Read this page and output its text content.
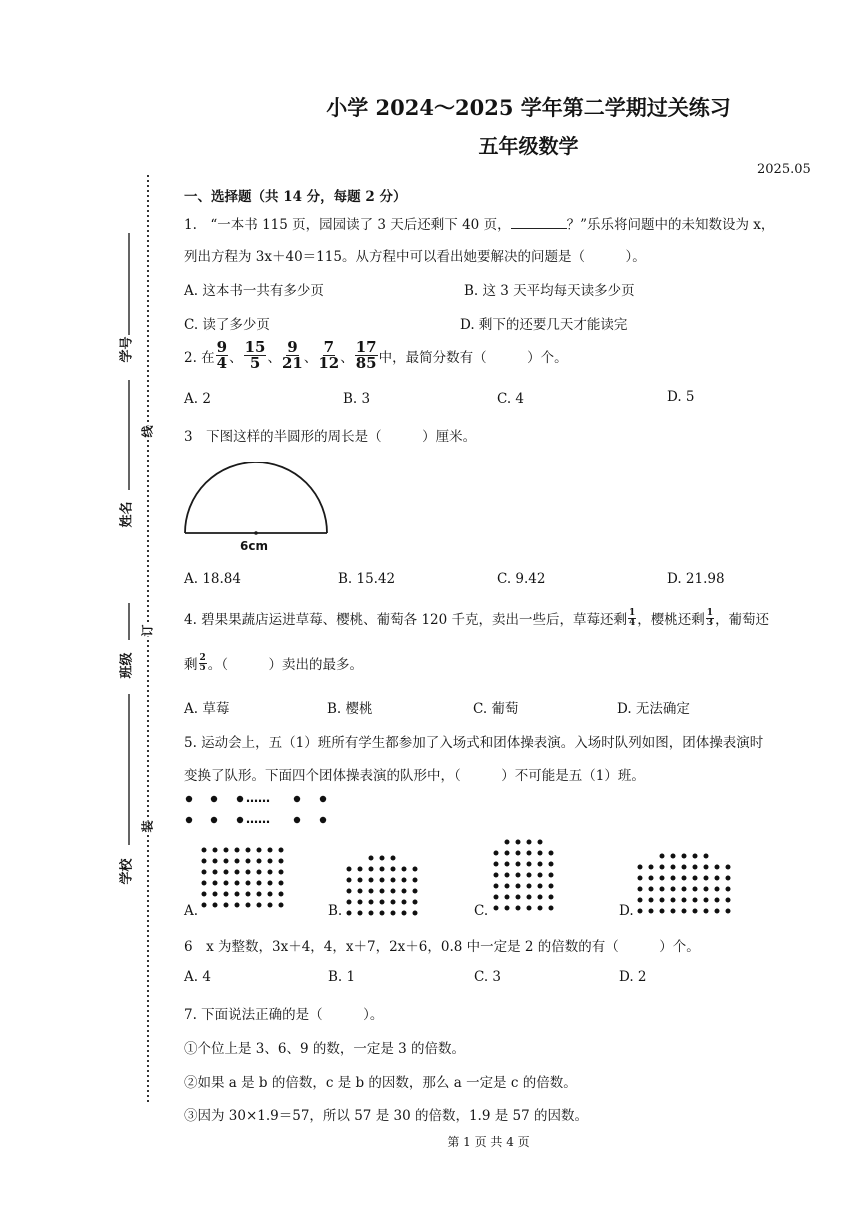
学号
姓名
班级
学校
线
订
装
小学 2024～2025 学年第二学期过关练习
五年级数学
2025.05
一、选择题（共 14 分，每题 2 分）
1.　“一本书 115 页，园园读了 3 天后还剩下 40 页，	？”乐乐将问题中的未知数设为 x，
列出方程为 3x＋40＝115。从方程中可以看出她要解决的问题是（　　　）。
A. 这本书一共有多少页	B. 这 3 天平均每天读多少页
C. 读了多少页	D. 剩下的还要几天才能读完
2. 在 $\frac{9}{4}$ 、 $\frac{15}{5}$ 、 $\frac{9}{21}$ 、 $\frac{7}{12}$ 、 $\frac{17}{85}$ 中，最简分数有（　　　）个。
A. 2	B. 3	C. 4	D. 5
3　下图这样的半圆形的周长是（　　　）厘米。
6cm
A. 18.84	B. 15.42	C. 9.42	D. 21.98
4. 碧果果蔬店运进草莓、樱桃、葡萄各 120 千克，卖出一些后，草莓还剩 $\frac{1}{4}$ ，樱桃还剩 $\frac{1}{3}$ ，葡萄还
剩 $\frac{2}{5}$ 。（　　　）卖出的最多。
A. 草莓	B. 樱桃	C. 葡萄	D. 无法确定
5. 运动会上，五（1）班所有学生都参加了入场式和团体操表演。入场时队列如图，团体操表演时
变换了队形。下面四个团体操表演的队形中，（　　　）不可能是五（1）班。
……
……
A.	B.	C.	D.
6　x 为整数，3x＋4，4，x＋7，2x＋6，0.8 中一定是 2 的倍数的有（　　　）个。
A. 4	B. 1	C. 3	D. 2
7. 下面说法正确的是（　　　）。
①个位上是 3、6、9 的数，一定是 3 的倍数。
②如果 a 是 b 的倍数，c 是 b 的因数，那么 a 一定是 c 的倍数。
③因为 30×1.9＝57，所以 57 是 30 的倍数，1.9 是 57 的因数。
第 1 页 共 4 页
